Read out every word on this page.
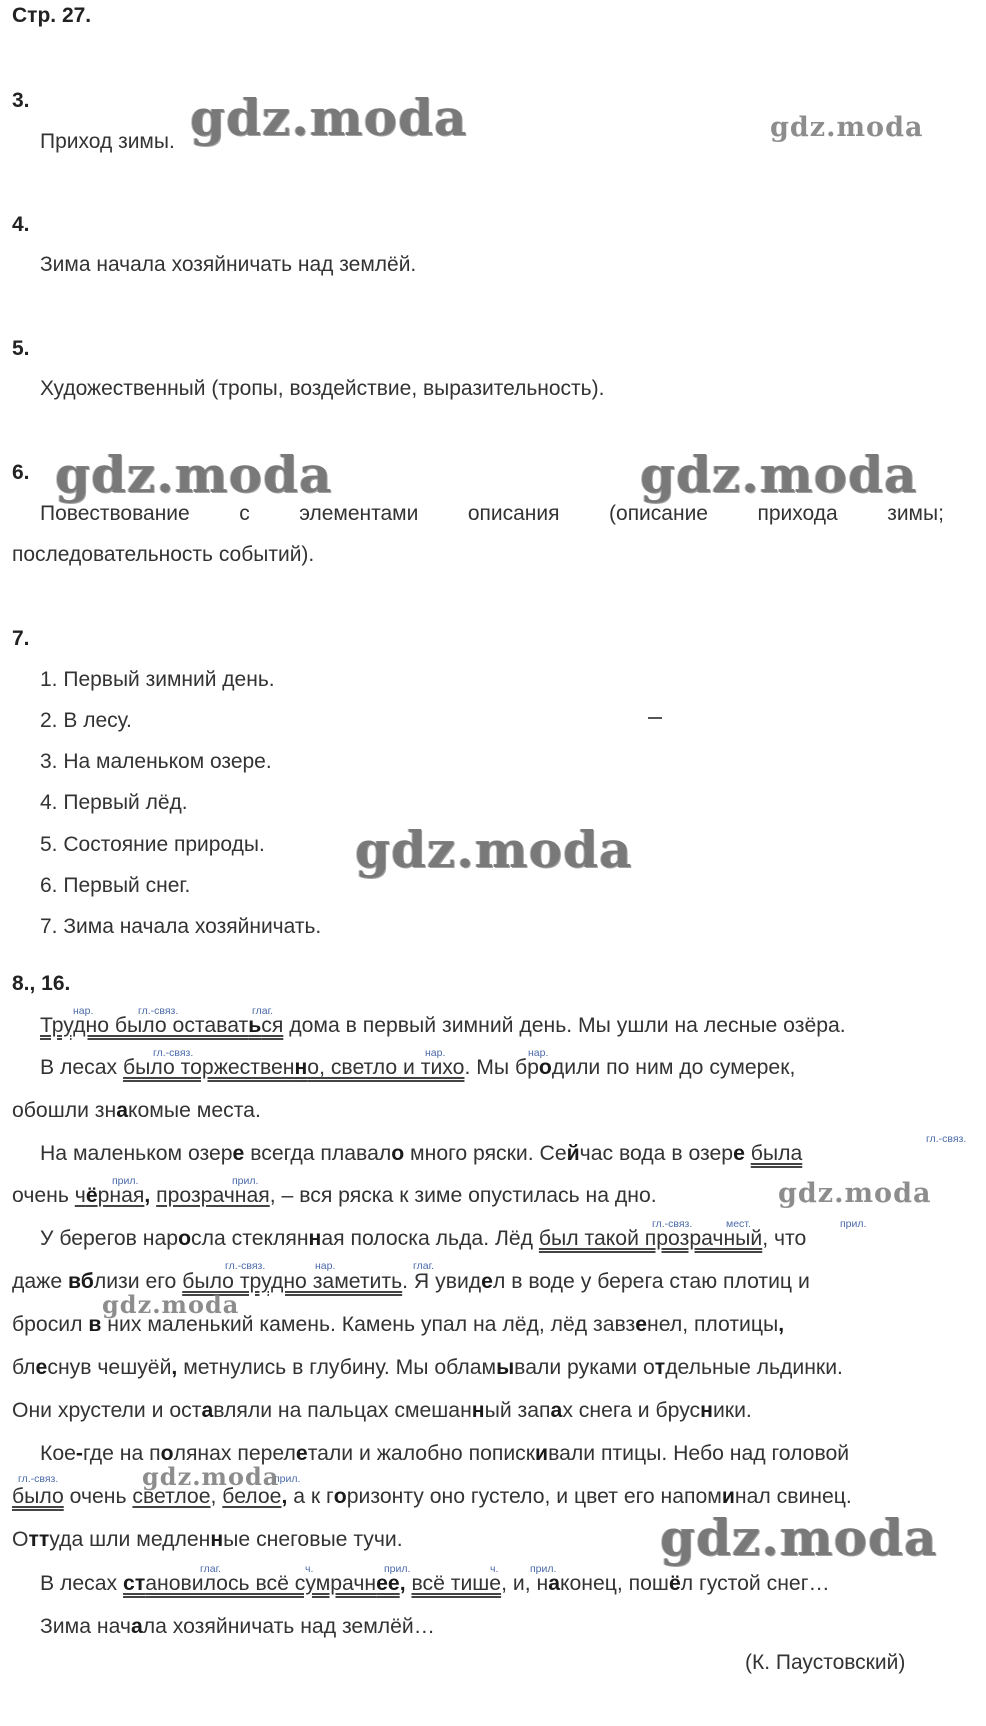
Стр. 27.
3.
Приход зимы. gdz.moda	gdz.moda
4.
Зима начала хозяйничать над землёй.
5.
Художественный (тропы, воздействие, выразительность).
6. gdz.moda	gdz.moda
Повествование с элементами описания (описание прихода зимы;
последовательность событий).
7.
1. Первый зимний день.
2. В лесу.
3. На маленьком озере.
4. Первый лёд.
5. Состояние природы. gdz.moda
6. Первый снег.
7. Зима начала хозяйничать.
8., 16.
нар.	гл.-связ.	глаг.
гл.-связ.	нар.	нар.
гл.-связ.
прил.	прил.
гл.-связ.	мест.	прил.
гл.-связ.	нар.	глаг.
гл.-связ.	прил.
глаг.	ч.	прил.	ч.	прил.
Трудно было оставаться дома в первый зимний день. Мы ушли на лесные озёра.
В лесах было торжественно, светло и тихо. Мы бродили по ним до сумерек,
обошли знакомые места.
На маленьком озере всегда плавало много ряски. Сейчас вода в озере была
очень чёрная, прозрачная, – вся ряска к зиме опустилась на дно.	gdz.moda
У берегов наросла стеклянная полоска льда. Лёд был такой прозрачный, что
даже вблизи его было трудно заметить. Я увидел в воде у берега стаю плотиц и
gdz.moda
бросил в них маленький камень. Камень упал на лёд, лёд завзенел, плотицы,
блеснув чешуёй, метнулись в глубину. Мы обламывали руками отдельные льдинки.
Они хрустели и оставляли на пальцах смешанный запах снега и брусники.
Кое-где на полянах перелетали и жалобно попискивали птицы. Небо над головой
gdz.moda
было очень светлое, белое, а к горизонту оно густело, и цвет его напоминал свинец.
Оттуда шли медленные снеговые тучи.	gdz.moda
В лесах становилось всё сумрачнее, всё тише, и, наконец, пошёл густой снег…
Зима начала хозяйничать над землёй…
(К. Паустовский)
